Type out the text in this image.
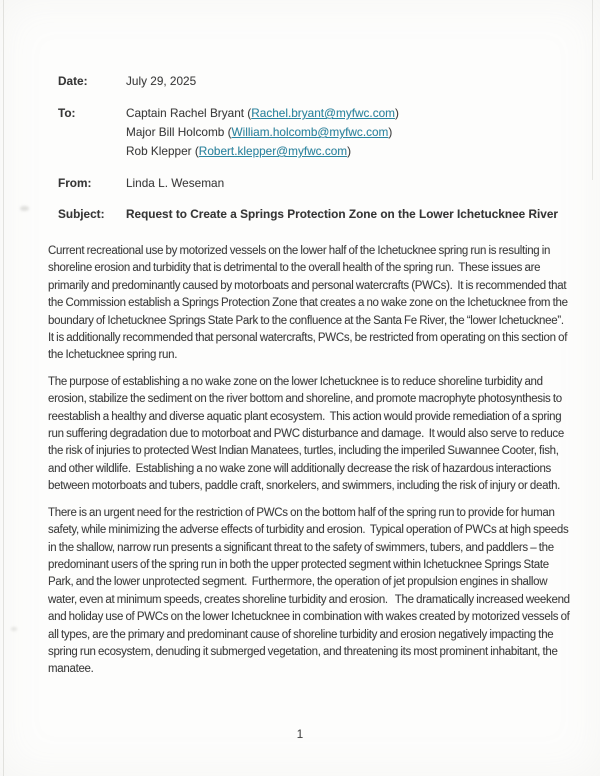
Date:	July 29, 2025
To:	Captain Rachel Bryant (Rachel.bryant@myfwc.com)
Major Bill Holcomb (William.holcomb@myfwc.com)
Rob Klepper (Robert.klepper@myfwc.com)
From:	Linda L. Weseman
Subject:	Request to Create a Springs Protection Zone on the Lower Ichetucknee River

Current recreational use by motorized vessels on the lower half of the Ichetucknee spring run is resulting in shoreline erosion and turbidity that is detrimental to the overall health of the spring run.  These issues are primarily and predominantly caused by motorboats and personal watercrafts (PWCs).  It is recommended that the Commission establish a Springs Protection Zone that creates a no wake zone on the Ichetucknee from the boundary of Ichetucknee Springs State Park to the confluence at the Santa Fe River, the “lower Ichetucknee”.  It is additionally recommended that personal watercrafts, PWCs, be restricted from operating on this section of the Ichetucknee spring run.

The purpose of establishing a no wake zone on the lower Ichetucknee is to reduce shoreline turbidity and erosion, stabilize the sediment on the river bottom and shoreline, and promote macrophyte photosynthesis to reestablish a healthy and diverse aquatic plant ecosystem.  This action would provide remediation of a spring run suffering degradation due to motorboat and PWC disturbance and damage.  It would also serve to reduce the risk of injuries to protected West Indian Manatees, turtles, including the imperiled Suwannee Cooter, fish, and other wildlife.  Establishing a no wake zone will additionally decrease the risk of hazardous interactions between motorboats and tubers, paddle craft, snorkelers, and swimmers, including the risk of injury or death.

There is an urgent need for the restriction of PWCs on the bottom half of the spring run to provide for human safety, while minimizing the adverse effects of turbidity and erosion.  Typical operation of PWCs at high speeds in the shallow, narrow run presents a significant threat to the safety of swimmers, tubers, and paddlers – the predominant users of the spring run in both the upper protected segment within Ichetucknee Springs State Park, and the lower unprotected segment.  Furthermore, the operation of jet propulsion engines in shallow water, even at minimum speeds, creates shoreline turbidity and erosion.   The dramatically increased weekend and holiday use of PWCs on the lower Ichetucknee in combination with wakes created by motorized vessels of all types, are the primary and predominant cause of shoreline turbidity and erosion negatively impacting the spring run ecosystem, denuding it submerged vegetation, and threatening its most prominent inhabitant, the manatee.

1
